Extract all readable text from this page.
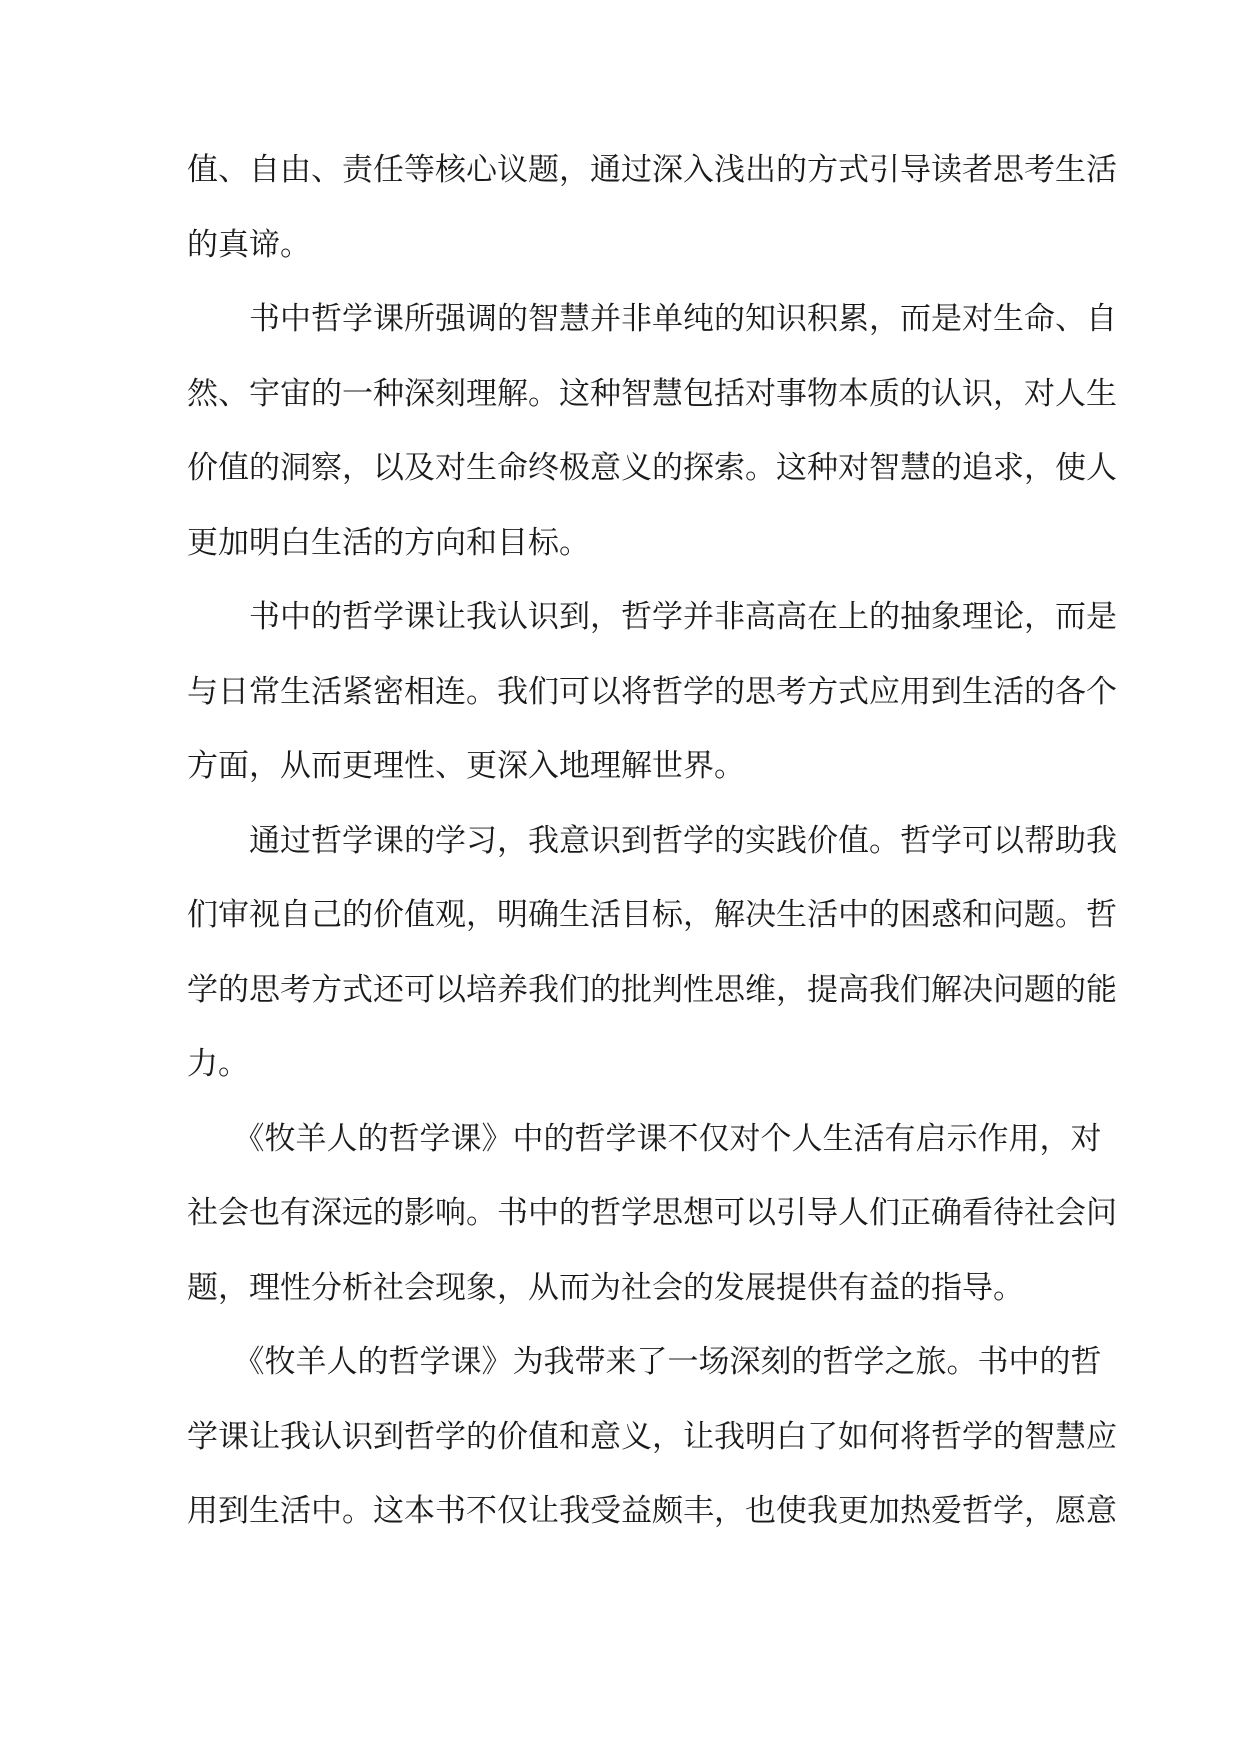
值、自由、责任等核心议题，通过深入浅出的方式引导读者思考生活
的真谛。
　　书中哲学课所强调的智慧并非单纯的知识积累，而是对生命、自
然、宇宙的一种深刻理解。这种智慧包括对事物本质的认识，对人生
价值的洞察，以及对生命终极意义的探索。这种对智慧的追求，使人
更加明白生活的方向和目标。
　　书中的哲学课让我认识到，哲学并非高高在上的抽象理论，而是
与日常生活紧密相连。我们可以将哲学的思考方式应用到生活的各个
方面，从而更理性、更深入地理解世界。
　　通过哲学课的学习，我意识到哲学的实践价值。哲学可以帮助我
们审视自己的价值观，明确生活目标，解决生活中的困惑和问题。哲
学的思考方式还可以培养我们的批判性思维，提高我们解决问题的能
力。
　　《牧羊人的哲学课》中的哲学课不仅对个人生活有启示作用，对
社会也有深远的影响。书中的哲学思想可以引导人们正确看待社会问
题，理性分析社会现象，从而为社会的发展提供有益的指导。
　　《牧羊人的哲学课》为我带来了一场深刻的哲学之旅。书中的哲
学课让我认识到哲学的价值和意义，让我明白了如何将哲学的智慧应
用到生活中。这本书不仅让我受益颇丰，也使我更加热爱哲学，愿意
